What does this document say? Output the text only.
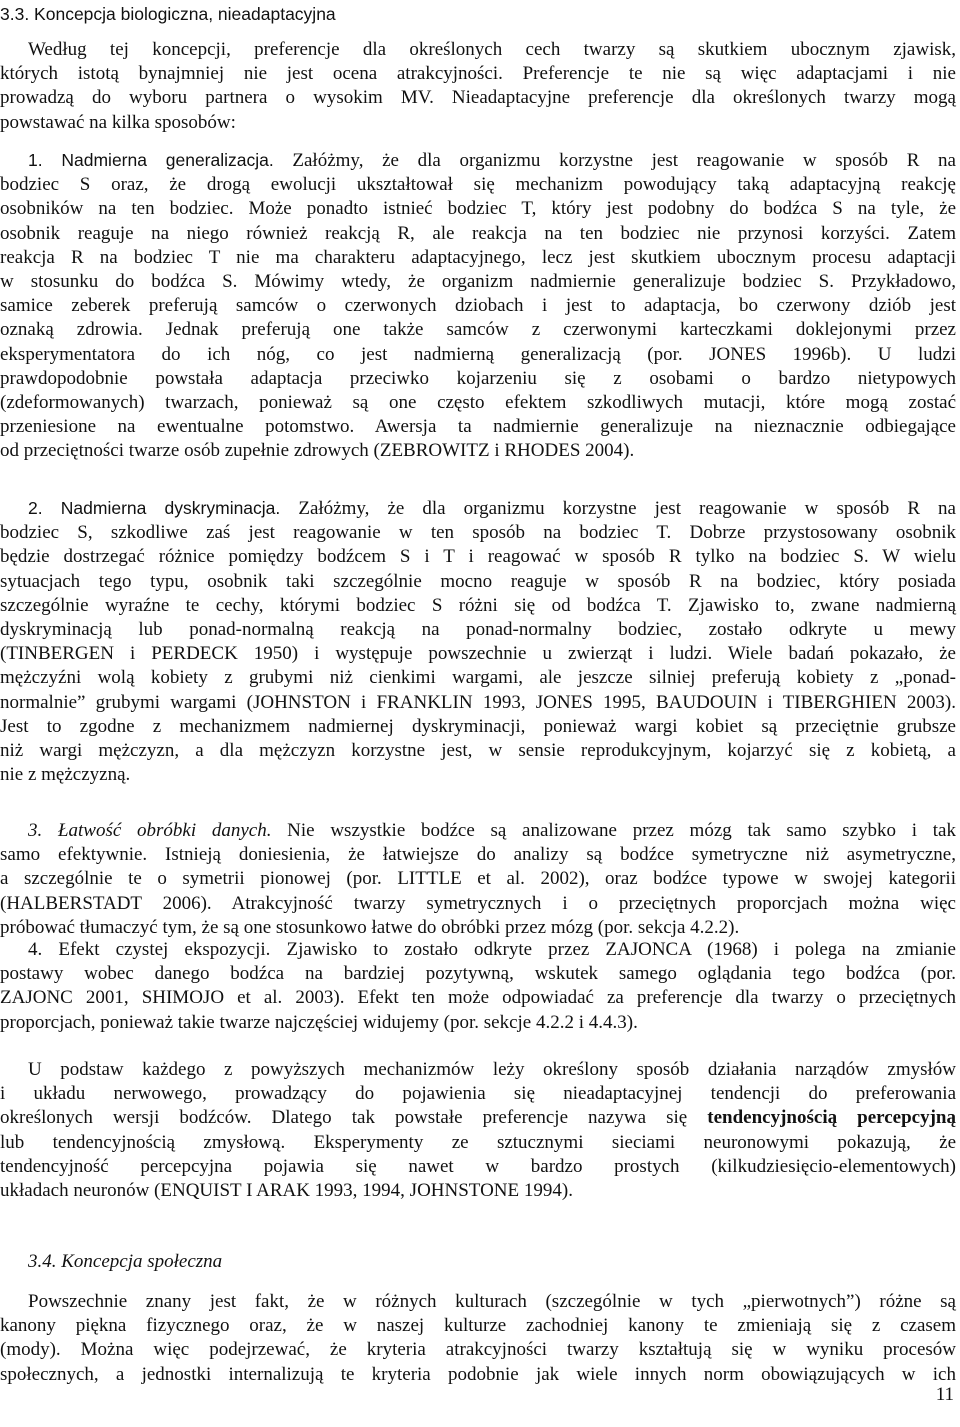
3.3. Koncepcja biologiczna, nieadaptacyjna
Według tej koncepcji, preferencje dla określonych cech twarzy są skutkiem ubocznym zjawisk,
których istotą bynajmniej nie jest ocena atrakcyjności. Preferencje te nie są więc adaptacjami i nie
prowadzą do wyboru partnera o wysokim MV. Nieadaptacyjne preferencje dla określonych twarzy mogą
powstawać na kilka sposobów:
1. Nadmierna generalizacja. Załóżmy, że dla organizmu korzystne jest reagowanie w sposób R na
bodziec S oraz, że drogą ewolucji ukształtował się mechanizm powodujący taką adaptacyjną reakcję
osobników na ten bodziec. Może ponadto istnieć bodziec T, który jest podobny do bodźca S na tyle, że
osobnik reaguje na niego również reakcją R, ale reakcja na ten bodziec nie przynosi korzyści. Zatem
reakcja R na bodziec T nie ma charakteru adaptacyjnego, lecz jest skutkiem ubocznym procesu adaptacji
w stosunku do bodźca S. Mówimy wtedy, że organizm nadmiernie generalizuje bodziec S. Przykładowo,
samice zeberek preferują samców o czerwonych dziobach i jest to adaptacja, bo czerwony dziób jest
oznaką zdrowia. Jednak preferują one także samców z czerwonymi karteczkami doklejonymi przez
eksperymentatora do ich nóg, co jest nadmierną generalizacją (por. JONES 1996b). U ludzi
prawdopodobnie powstała adaptacja przeciwko kojarzeniu się z osobami o bardzo nietypowych
(zdeformowanych) twarzach, ponieważ są one często efektem szkodliwych mutacji, które mogą zostać
przeniesione na ewentualne potomstwo. Awersja ta nadmiernie generalizuje na nieznacznie odbiegające
od przeciętności twarze osób zupełnie zdrowych (ZEBROWITZ i RHODES 2004).
2. Nadmierna dyskryminacja. Załóżmy, że dla organizmu korzystne jest reagowanie w sposób R na
bodziec S, szkodliwe zaś jest reagowanie w ten sposób na bodziec T. Dobrze przystosowany osobnik
będzie dostrzegać różnice pomiędzy bodźcem S i T i reagować w sposób R tylko na bodziec S. W wielu
sytuacjach tego typu, osobnik taki szczególnie mocno reaguje w sposób R na bodziec, który posiada
szczególnie wyraźne te cechy, którymi bodziec S różni się od bodźca T. Zjawisko to, zwane nadmierną
dyskryminacją lub ponad-normalną reakcją na ponad-normalny bodziec, zostało odkryte u mewy
(TINBERGEN i PERDECK 1950) i występuje powszechnie u zwierząt i ludzi. Wiele badań pokazało, że
mężczyźni wolą kobiety z grubymi niż cienkimi wargami, ale jeszcze silniej preferują kobiety z „ponad-
normalnie” grubymi wargami (JOHNSTON i FRANKLIN 1993, JONES 1995, BAUDOUIN i TIBERGHIEN 2003).
Jest to zgodne z mechanizmem nadmiernej dyskryminacji, ponieważ wargi kobiet są przeciętnie grubsze
niż wargi mężczyzn, a dla mężczyzn korzystne jest, w sensie reprodukcyjnym, kojarzyć się z kobietą, a
nie z mężczyzną.
3. Łatwość obróbki danych. Nie wszystkie bodźce są analizowane przez mózg tak samo szybko i tak
samo efektywnie. Istnieją doniesienia, że łatwiejsze do analizy są bodźce symetryczne niż asymetryczne,
a szczególnie te o symetrii pionowej (por. LITTLE et al. 2002), oraz bodźce typowe w swojej kategorii
(HALBERSTADT 2006). Atrakcyjność twarzy symetrycznych i o przeciętnych proporcjach można więc
próbować tłumaczyć tym, że są one stosunkowo łatwe do obróbki przez mózg (por. sekcja 4.2.2).
4. Efekt czystej ekspozycji. Zjawisko to zostało odkryte przez ZAJONCA (1968) i polega na zmianie
postawy wobec danego bodźca na bardziej pozytywną, wskutek samego oglądania tego bodźca (por.
ZAJONC 2001, SHIMOJO et al. 2003). Efekt ten może odpowiadać za preferencje dla twarzy o przeciętnych
proporcjach, ponieważ takie twarze najczęściej widujemy (por. sekcje 4.2.2 i 4.4.3).
U podstaw każdego z powyższych mechanizmów leży określony sposób działania narządów zmysłów
i układu nerwowego, prowadzący do pojawienia się nieadaptacyjnej tendencji do preferowania
określonych wersji bodźców. Dlatego tak powstałe preferencje nazywa się tendencyjnością percepcyjną
lub tendencyjnością zmysłową. Eksperymenty ze sztucznymi sieciami neuronowymi pokazują, że
tendencyjność percepcyjna pojawia się nawet w bardzo prostych (kilkudziesięcio-elementowych)
układach neuronów (ENQUIST I ARAK 1993, 1994, JOHNSTONE 1994).
3.4. Koncepcja społeczna
Powszechnie znany jest fakt, że w różnych kulturach (szczególnie w tych „pierwotnych”) różne są
kanony piękna fizycznego oraz, że w naszej kulturze zachodniej kanony te zmieniają się z czasem
(mody). Można więc podejrzewać, że kryteria atrakcyjności twarzy kształtują się w wyniku procesów
społecznych, a jednostki internalizują te kryteria podobnie jak wiele innych norm obowiązujących w ich
11
